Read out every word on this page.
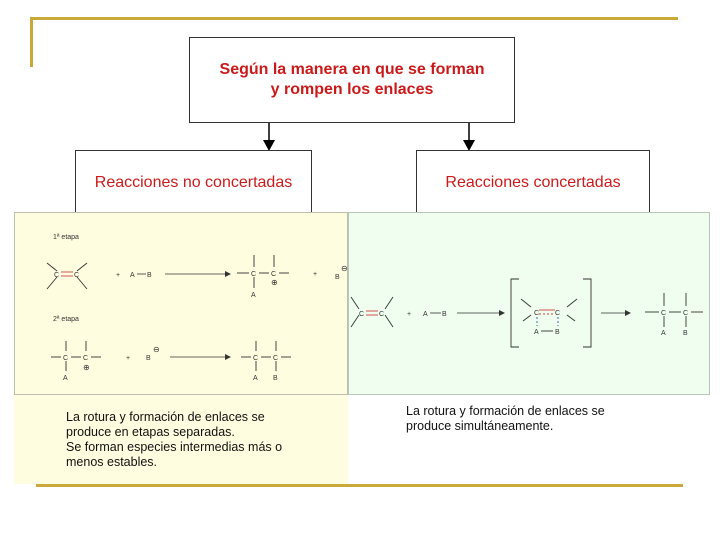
Según la manera en que se forman
y rompen los enlaces
Reacciones no concertadas	Reacciones concertadas
1ª etapa
C C	+ A B	C C
⊕
A
+	B
⊖
2ª etapa
C C
⊕
A
+ B
⊖
C C
A B
C C	+ A B	C C
A B
C C
A B
La rotura y formación de enlaces se
produce en etapas separadas.
Se forman especies intermedias más o
menos estables.
La rotura y formación de enlaces se
produce simultáneamente.
